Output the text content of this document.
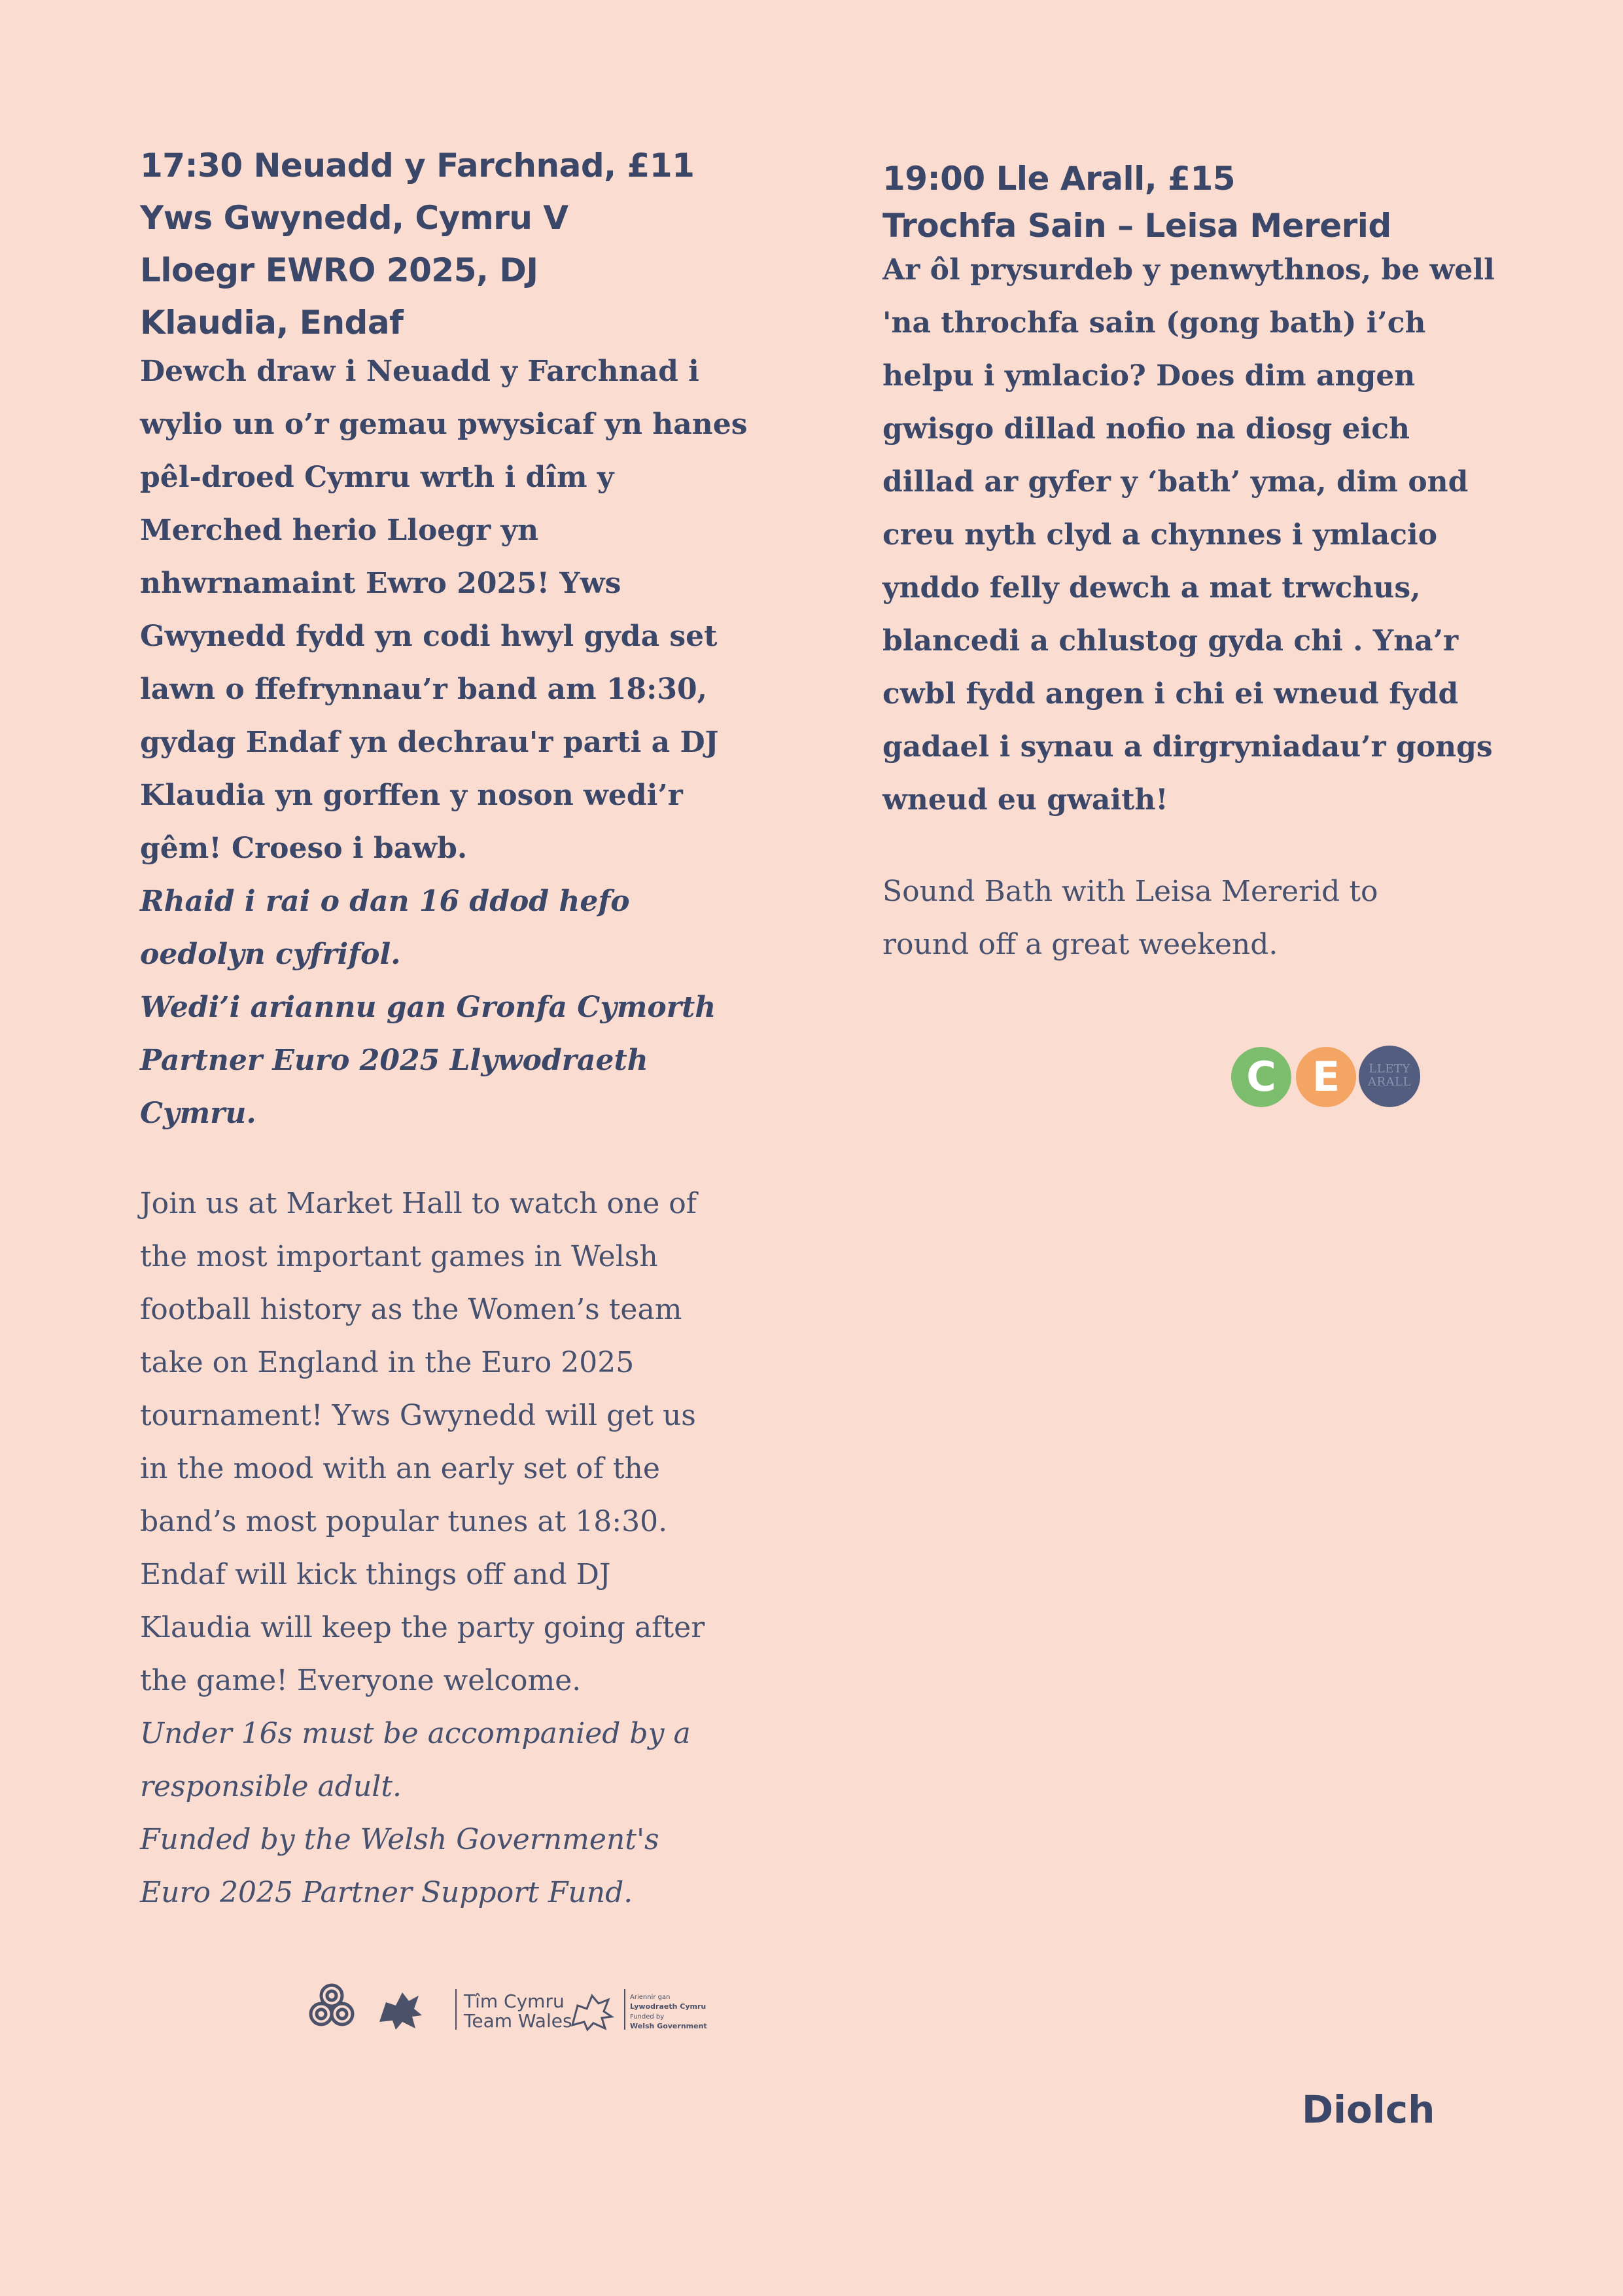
17:30 Neuadd y Farchnad, £11
Yws Gwynedd, Cymru V
Lloegr EWRO 2025, DJ
Klaudia, Endaf
Dewch draw i Neuadd y Farchnad i
wylio un o’r gemau pwysicaf yn hanes
pêl-droed Cymru wrth i dîm y
Merched herio Lloegr yn
nhwrnamaint Ewro 2025! Yws
Gwynedd fydd yn codi hwyl gyda set
lawn o ffefrynnau’r band am 18:30,
gydag Endaf yn dechrau'r parti a DJ
Klaudia yn gorffen y noson wedi’r
gêm! Croeso i bawb.
Rhaid i rai o dan 16 ddod hefo
oedolyn cyfrifol.
Wedi’i ariannu gan Gronfa Cymorth
Partner Euro 2025 Llywodraeth
Cymru.
Join us at Market Hall to watch one of
the most important games in Welsh
football history as the Women’s team
take on England in the Euro 2025
tournament! Yws Gwynedd will get us
in the mood with an early set of the
band’s most popular tunes at 18:30.
Endaf will kick things off and DJ
Klaudia will keep the party going after
the game! Everyone welcome.
Under 16s must be accompanied by a
responsible adult.
Funded by the Welsh Government's
Euro 2025 Partner Support Fund.
Tîm Cymru
Team Wales
Ariennir gan
Lywodraeth Cymru
Funded by
Welsh Government
19:00 Lle Arall, £15
Trochfa Sain – Leisa Mererid
Ar ôl prysurdeb y penwythnos, be well
'na throchfa sain (gong bath) i’ch
helpu i ymlacio? Does dim angen
gwisgo dillad nofio na diosg eich
dillad ar gyfer y ‘bath’ yma, dim ond
creu nyth clyd a chynnes i ymlacio
ynddo felly dewch a mat trwchus,
blancedi a chlustog gyda chi . Yna’r
cwbl fydd angen i chi ei wneud fydd
gadael i synau a dirgryniadau’r gongs
wneud eu gwaith!
Sound Bath with Leisa Mererid to
round off a great weekend.
C E	LLETY ARALL
Diolch
